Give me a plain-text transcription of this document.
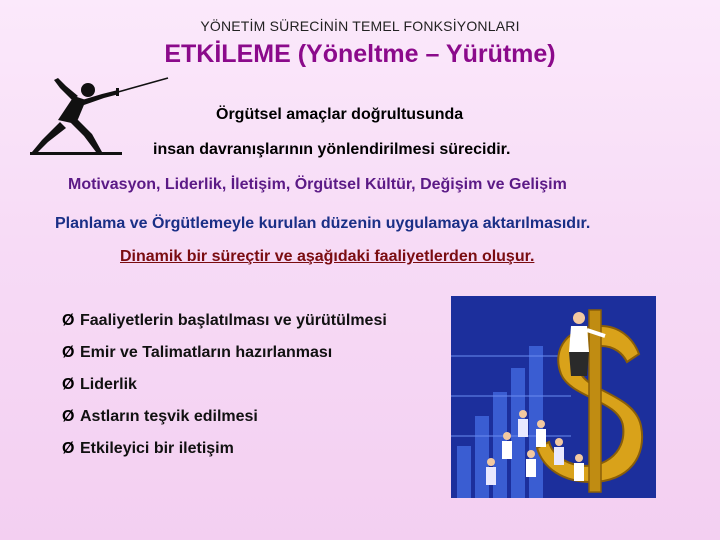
YÖNETİM SÜRECİNİN TEMEL FONKSİYONLARI
ETKİLEME (Yöneltme – Yürütme)
Örgütsel amaçlar doğrultusunda
insan davranışlarının yönlendirilmesi sürecidir.
Motivasyon, Liderlik, İletişim, Örgütsel Kültür, Değişim ve Gelişim
Planlama ve Örgütlemeyle kurulan düzenin uygulamaya aktarılmasıdır.
Dinamik bir süreçtir ve aşağıdaki faaliyetlerden oluşur.
Ø Faaliyetlerin başlatılması ve yürütülmesi
Ø Emir ve Talimatların hazırlanması
Ø Liderlik
Ø Astların teşvik edilmesi
Ø Etkileyici bir iletişim
